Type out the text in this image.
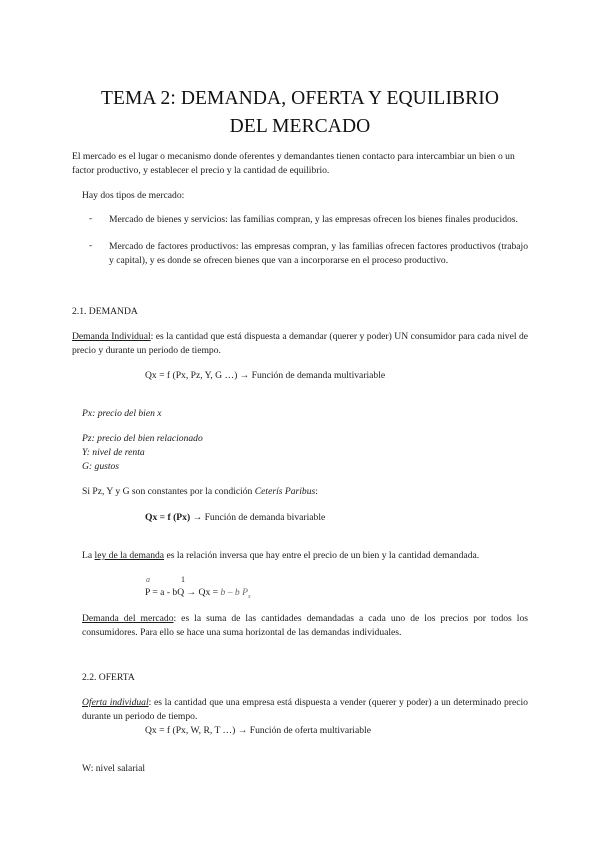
TEMA 2: DEMANDA, OFERTA Y EQUILIBRIO
DEL MERCADO

El mercado es el lugar o mecanismo donde oferentes y demandantes tienen contacto para intercambiar un bien o un factor productivo, y establecer el precio y la cantidad de equilibrio.

Hay dos tipos de mercado:

- Mercado de bienes y servicios: las familias compran, y las empresas ofrecen los bienes finales producidos.

- Mercado de factores productivos: las empresas compran, y las familias ofrecen factores productivos (trabajo y capital), y es donde se ofrecen bienes que van a incorporarse en el proceso productivo.

2.1. DEMANDA

Demanda Individual: es la cantidad que está dispuesta a demandar (querer y poder) UN consumidor para cada nivel de precio y durante un periodo de tiempo.

Qx = f (Px, Pz, Y, G …) → Función de demanda multivariable

Px: precio del bien x

Pz: precio del bien relacionado

Y: nivel de renta

G: gustos

Si Pz, Y y G son constantes por la condición Ceterís Paribus:

Qx = f (Px) → Función de demanda bivariable

La ley de la demanda es la relación inversa que hay entre el precio de un bien y la cantidad demandada.

a	1

P = a - bQ → Qx = b – b $P_x$

Demanda del mercado: es la suma de las cantidades demandadas a cada uno de los precios por todos los consumidores. Para ello se hace una suma horizontal de las demandas individuales.

2.2. OFERTA

Oferta individual: es la cantidad que una empresa está dispuesta a vender (querer y poder) a un determinado precio durante un periodo de tiempo.

Qx = f (Px, W, R, T …) → Función de oferta multivariable

W: nivel salarial
